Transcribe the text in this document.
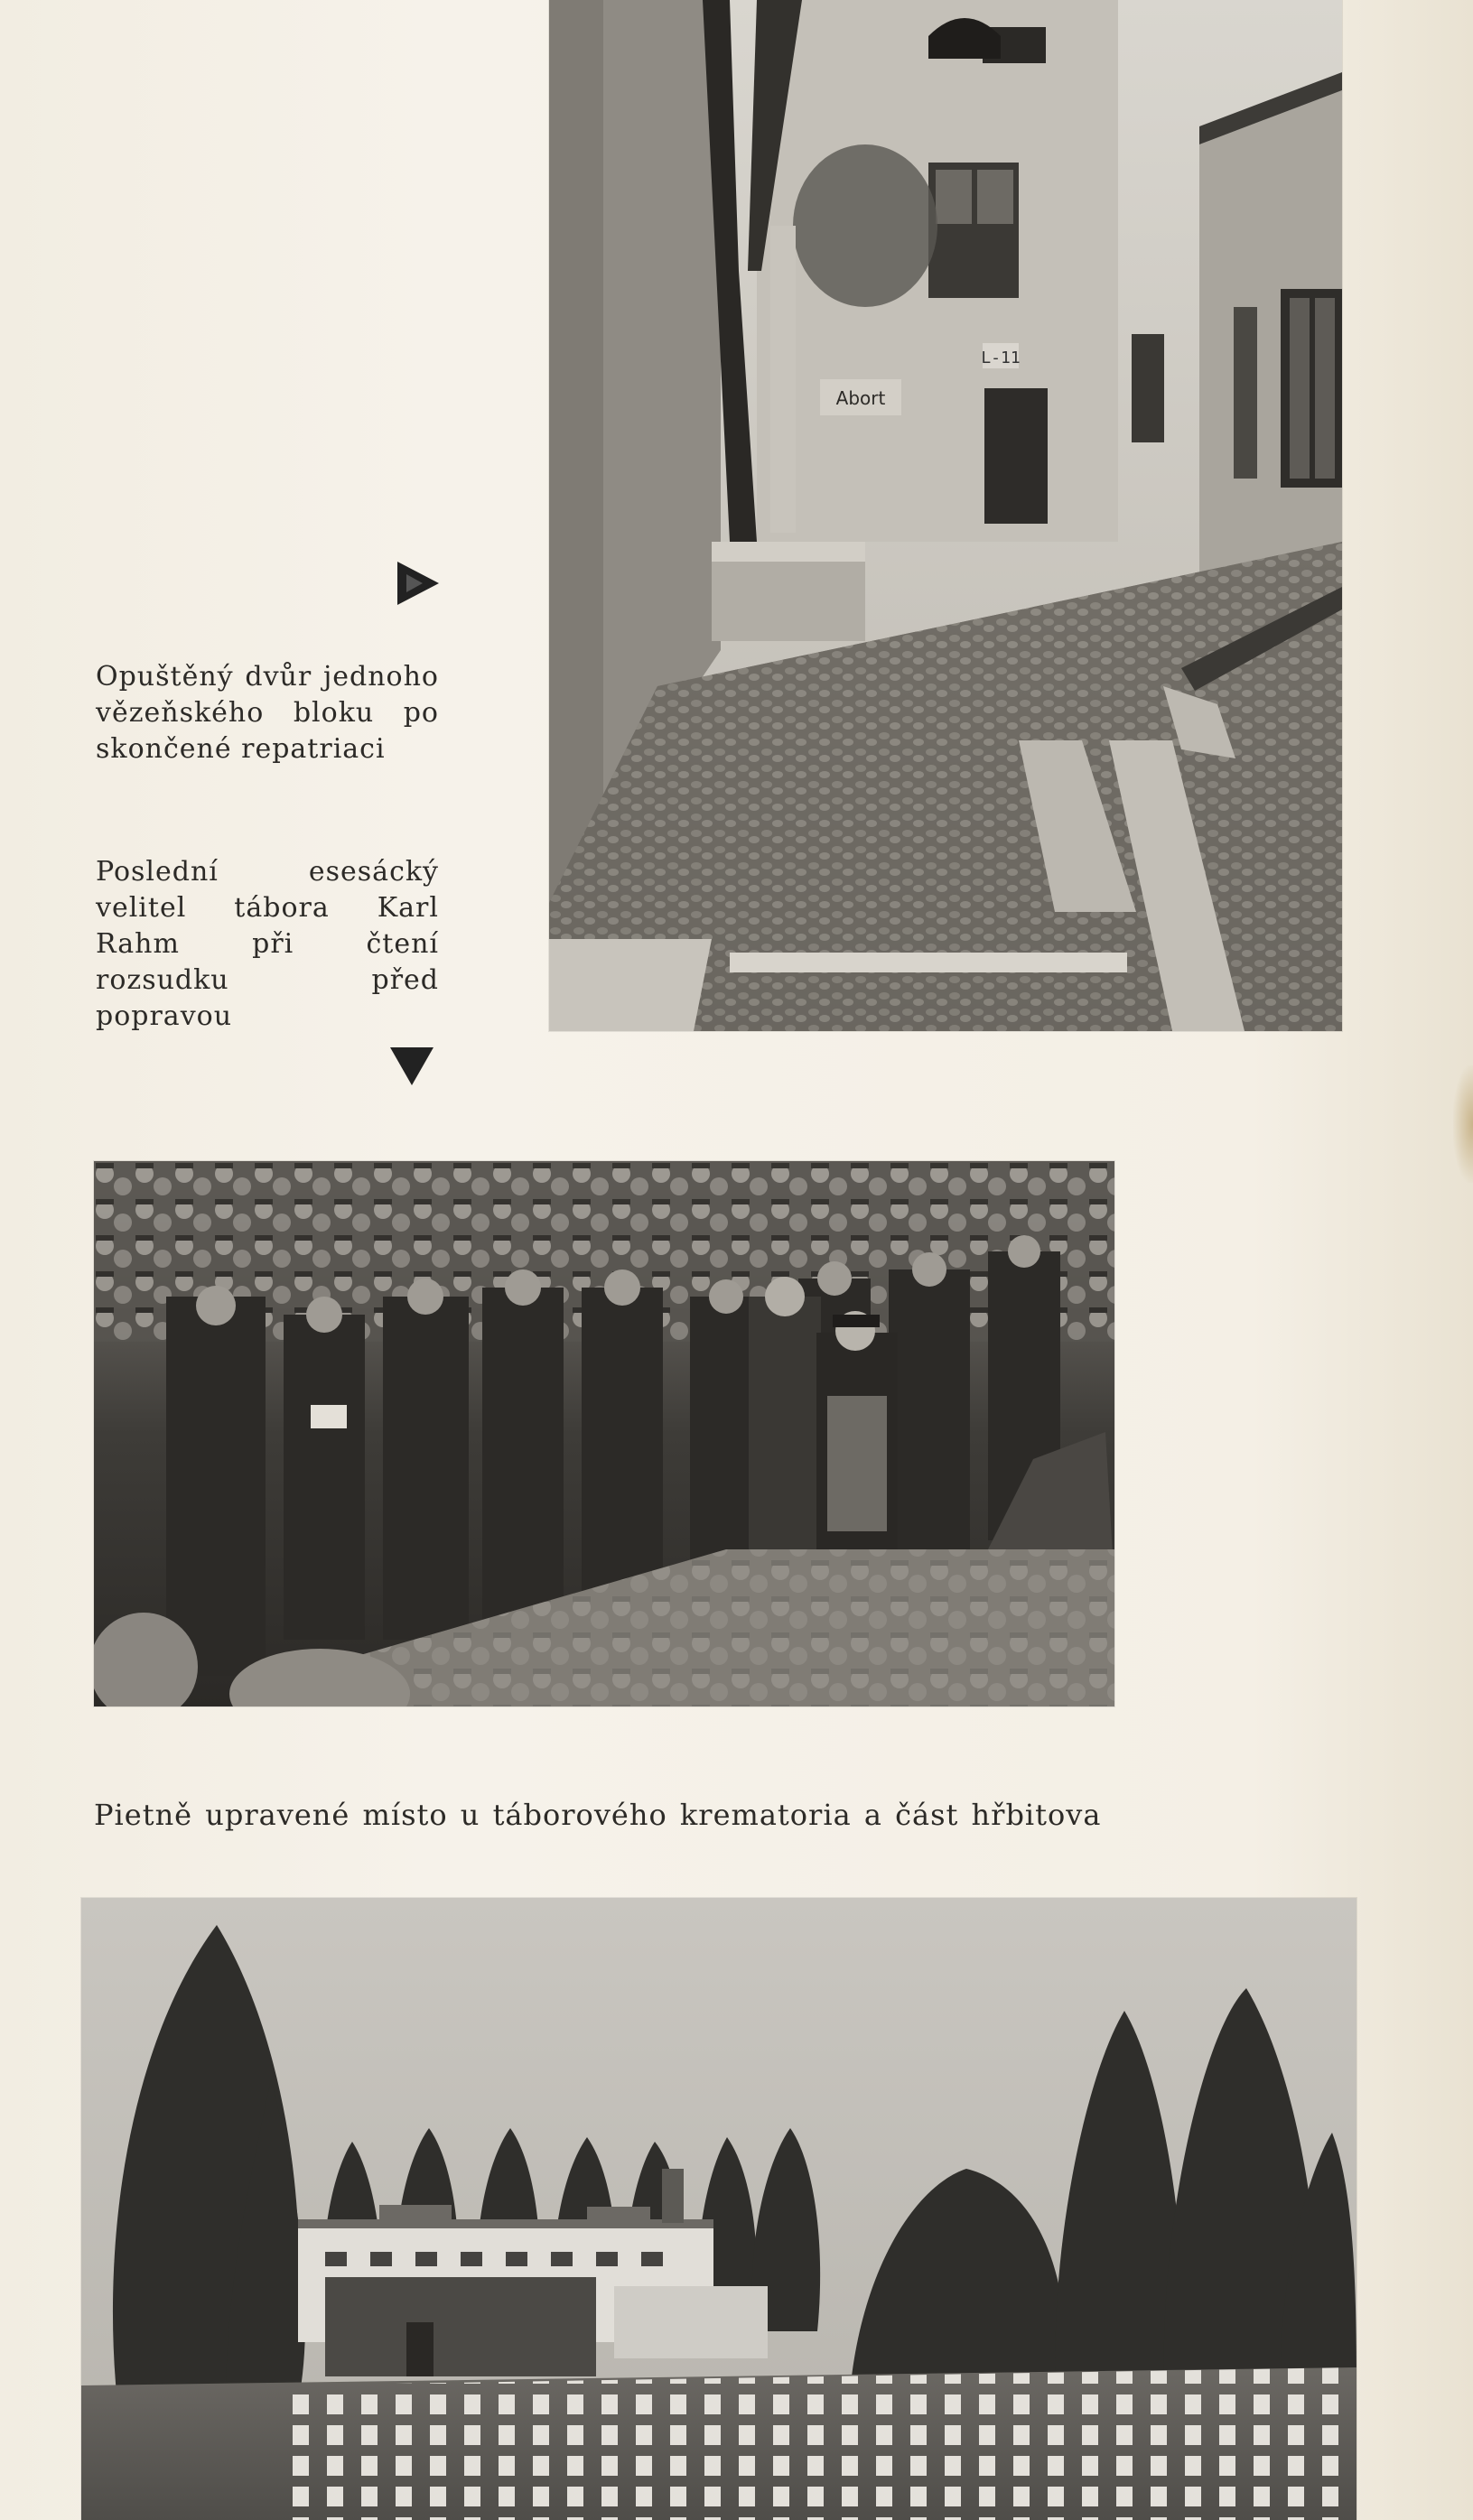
L-11
Abort

Opuštěný dvůr jednoho vězeňského bloku po skončené repatriaci

Poslední esesácký velitel tábora Karl Rahm při čtení rozsudku před popravou

Pietně upravené místo u táborového krematoria a část hřbitova
